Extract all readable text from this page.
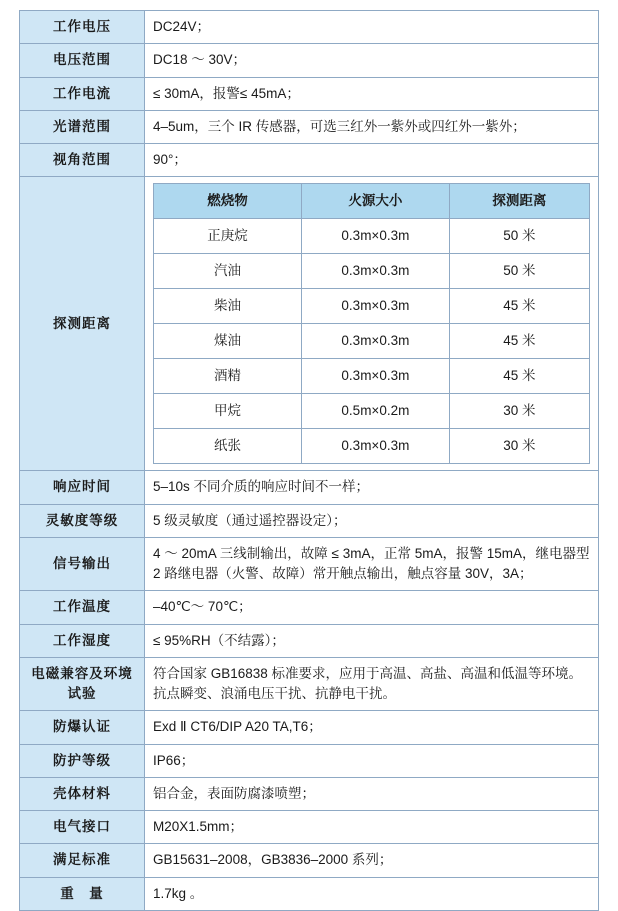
工作电压	DC24V；
电压范围	DC18 ～ 30V；
工作电流	≤ 30mA，报警≤ 45mA；
光谱范围	4–5um，三个 IR 传感器，可选三红外一紫外或四红外一紫外；
视角范围	90°；
探测距离	
燃烧物	火源大小	探测距离
正庚烷	0.3m×0.3m	50 米
汽油	0.3m×0.3m	50 米
柴油	0.3m×0.3m	45 米
煤油	0.3m×0.3m	45 米
酒精	0.3m×0.3m	45 米
甲烷	0.5m×0.2m	30 米
纸张	0.3m×0.3m	30 米

响应时间	5–10s 不同介质的响应时间不一样；
灵敏度等级	5 级灵敏度（通过遥控器设定）；
信号输出	4 ～ 20mA 三线制输出，故障 ≤ 3mA，正常 5mA，报警 15mA，继电器型 2 路继电器（火警、故障）常开触点输出，触点容量 30V，3A；
工作温度	–40℃～ 70℃；
工作湿度	≤ 95%RH（不结露）；
电磁兼容及环境试验	符合国家 GB16838 标准要求，应用于高温、高盐、高温和低温等环境。抗点瞬变、浪涌电压干扰、抗静电干扰。
防爆认证	Exd Ⅱ CT6/DIP A20 TA,T6；
防护等级	IP66；
壳体材料	铝合金，表面防腐漆喷塑；
电气接口	M20X1.5mm；
满足标准	GB15631–2008，GB3836–2000 系列；
重　量	1.7kg 。
